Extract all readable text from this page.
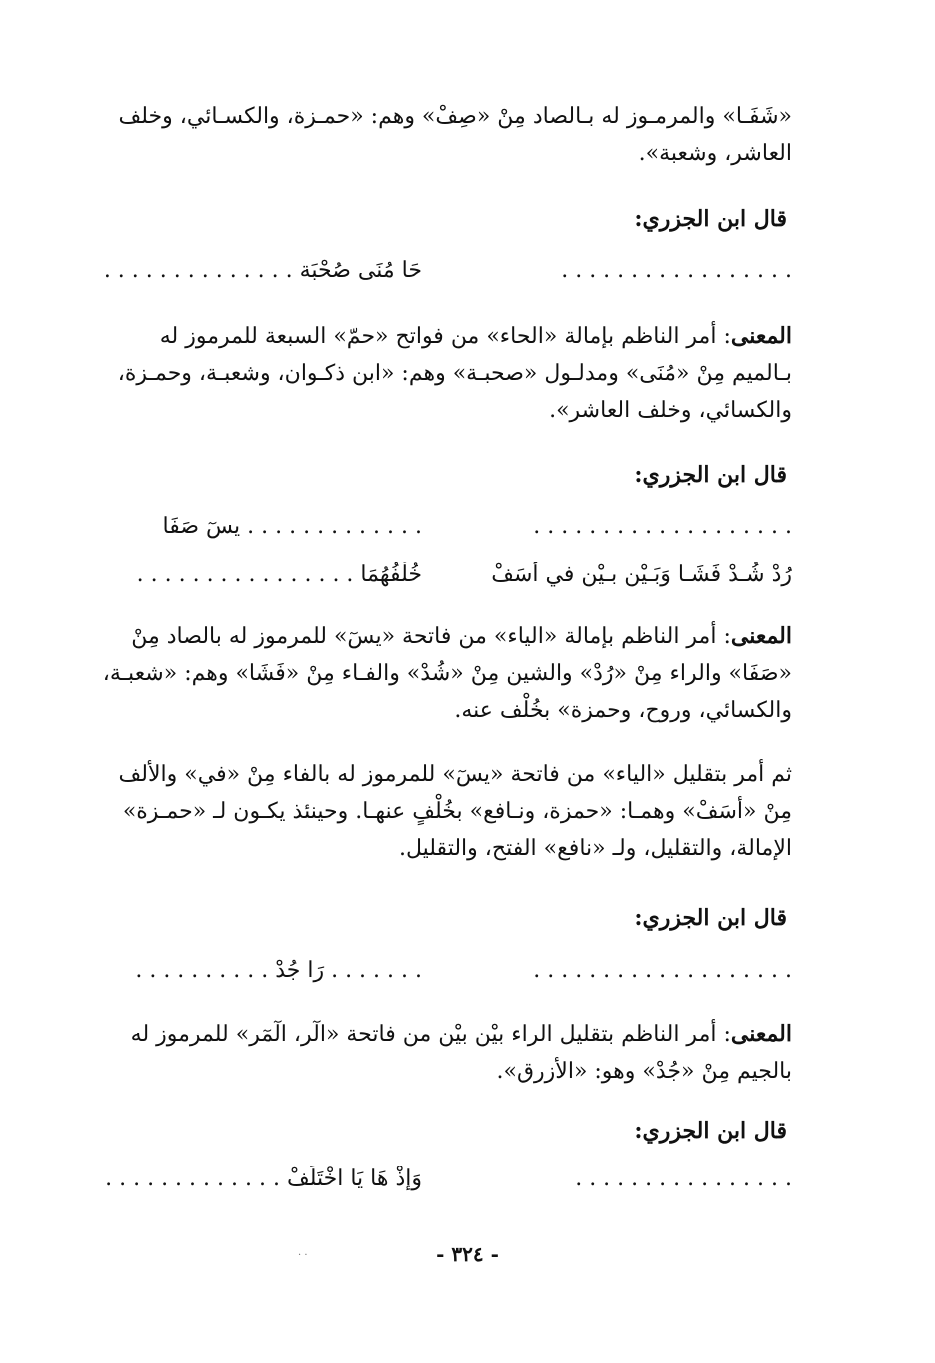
«شَفَـا» والمرمـوز له بـالصاد مِنْ «صِفْ» وهم: «حمـزة، والكسـائي، وخلف
العاشر، وشعبة».
قال ابن الجزري:
. . . . . . . . . . . . . . . . .
حَا مُنَى صُحْبَة . . . . . . . . . . . . . .
المعنى: أمر الناظم بإمالة «الحاء» من فواتح «حمّ» السبعة للمرموز له
بـالميم مِنْ «مُنَى» ومدلـول «صحبـة» وهم: «ابن ذكـوان، وشعبـة، وحمـزة،
والكسائي، وخلف العاشر».
قال ابن الجزري:
. . . . . . . . . . . . . . . . . . .
. . . . . . . . . . . . . يسٓ صَفَا
رُدْ شُـدْ فَشَـا وَبَـيْن بـيْن في أَسَفْ
خُلْفُهُمَا . . . . . . . . . . . . . . . .
المعنى: أمر الناظم بإمالة «الياء» من فاتحة «يسٓ» للمرموز له بالصاد مِنْ
«صَفَا» والراء مِنْ «رُدْ» والشين مِنْ «شُدْ» والفـاء مِنْ «فَشَا» وهم: «شعبـة،
والكسائي، وروح، وحمزة» بخُلْف عنه.
ثم أمر بتقليل «الياء» من فاتحة «يسٓ» للمرموز له بالفاء مِنْ «في» والألف
مِنْ «أسَفْ» وهمـا: «حمزة، ونـافع» بخُلْفٍ عنهـا. وحينئذ يكـون لـ «حمـزة»
الإمالة، والتقليل، ولـ «نافع» الفتح، والتقليل.
قال ابن الجزري:
. . . . . . . . . . . . . . . . . . .
. . . . . . . رَا جُدْ . . . . . . . . . .
المعنى: أمر الناظم بتقليل الراء بيْن بيْن من فاتحة «الٓر، الٓمٓر» للمرموز له
بالجيم مِنْ «جُدْ» وهو: «الأزرق».
قال ابن الجزري:
. . . . . . . . . . . . . . . .
وَإِذْ هَا يَا اخْتَلَفْ . . . . . . . . . . . . .
· ·	- ٣٢٤ -
